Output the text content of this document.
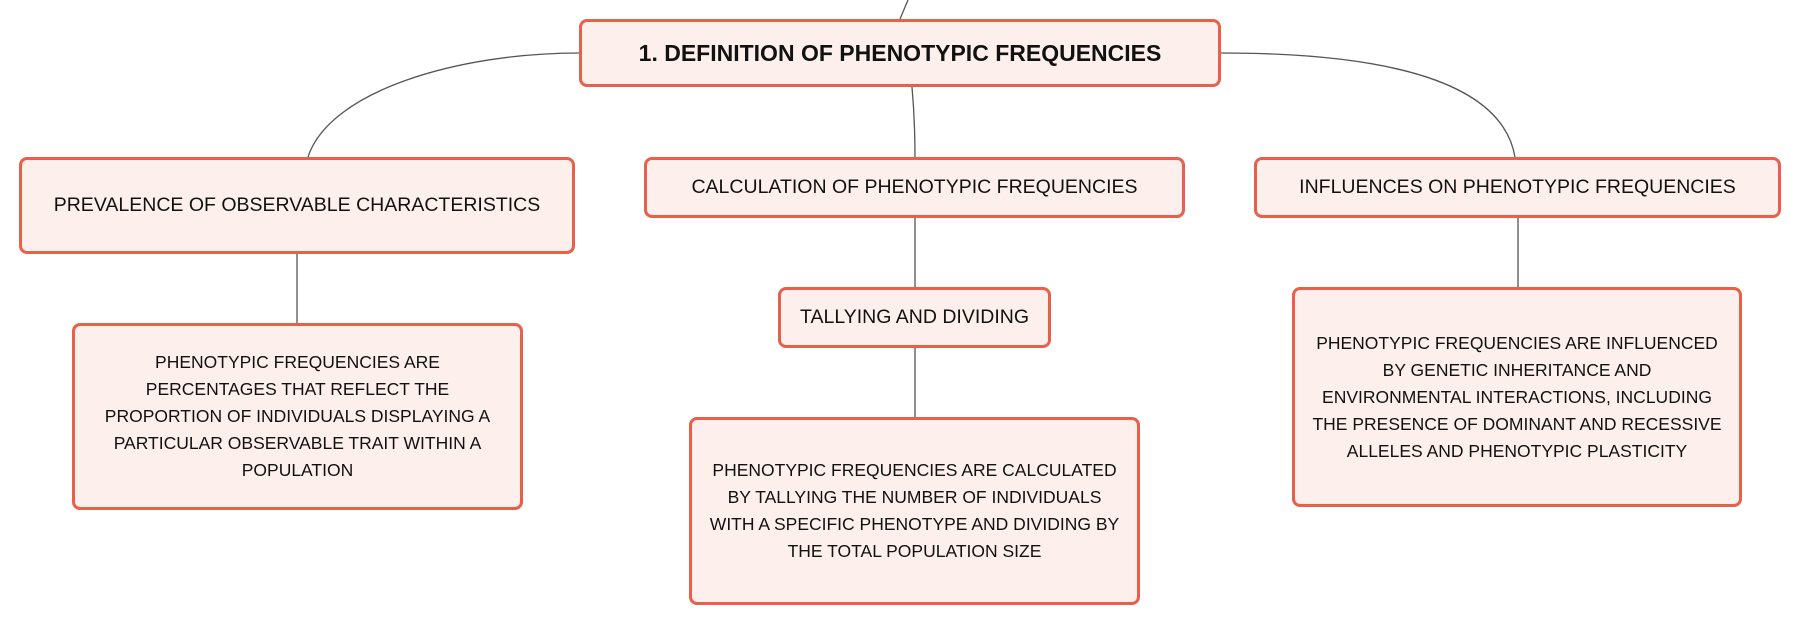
1. DEFINITION OF PHENOTYPIC FREQUENCIES
PREVALENCE OF OBSERVABLE CHARACTERISTICS
CALCULATION OF PHENOTYPIC FREQUENCIES	INFLUENCES ON PHENOTYPIC FREQUENCIES
TALLYING AND DIVIDING
PHENOTYPIC FREQUENCIES ARE PERCENTAGES THAT REFLECT THE PROPORTION OF INDIVIDUALS DISPLAYING A PARTICULAR OBSERVABLE TRAIT WITHIN A POPULATION	PHENOTYPIC FREQUENCIES ARE CALCULATED BY TALLYING THE NUMBER OF INDIVIDUALS WITH A SPECIFIC PHENOTYPE AND DIVIDING BY THE TOTAL POPULATION SIZE
PHENOTYPIC FREQUENCIES ARE INFLUENCED BY GENETIC INHERITANCE AND ENVIRONMENTAL INTERACTIONS, INCLUDING THE PRESENCE OF DOMINANT AND RECESSIVE ALLELES AND PHENOTYPIC PLASTICITY
